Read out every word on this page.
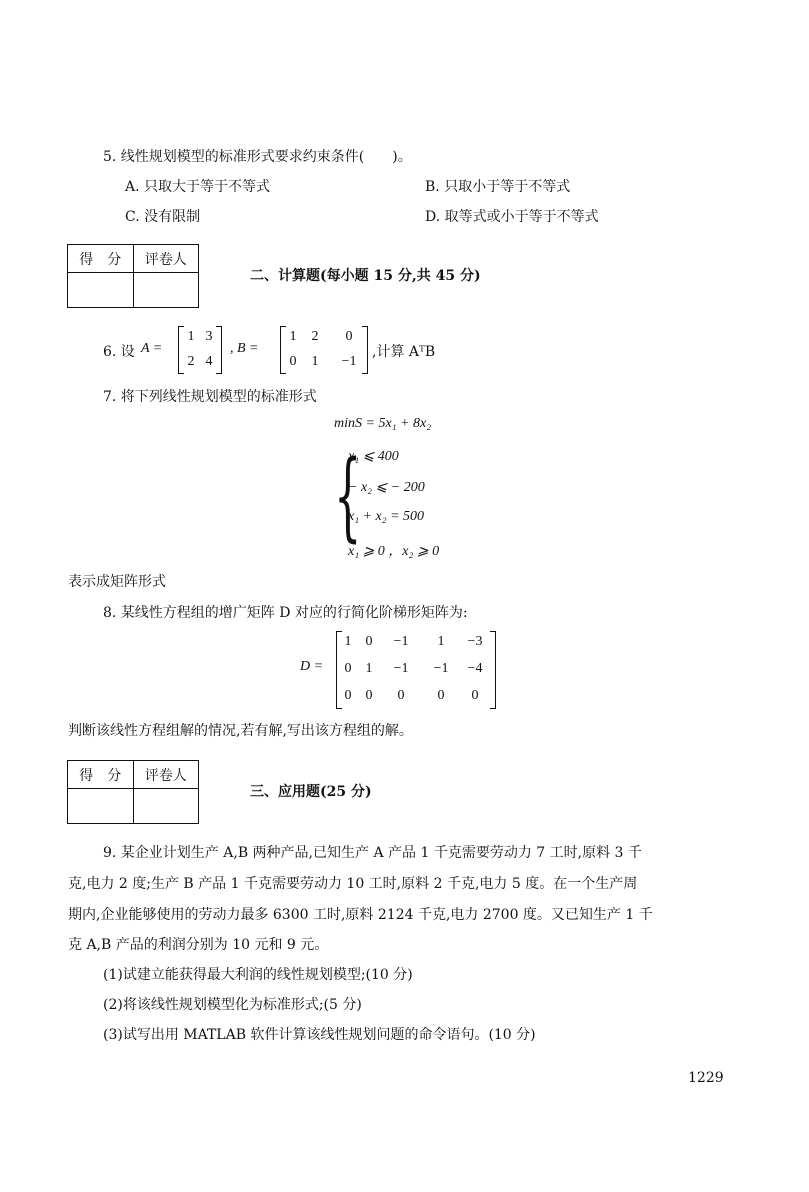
5. 线性规划模型的标准形式要求约束条件(　　)。
A. 只取大于等于不等式	B. 只取小于等于不等式
C. 没有限制	D. 取等式或小于等于不等式
得　分	评卷人

二、计算题(每小题 15 分,共 45 分)
6. 设 A =
1 3
2 4
, B =
1	2	0
0	1	−1
,计算 AᵀB
7. 将下列线性规划模型的标准形式
minS = 5x₁ + 8x₂
{
x₁ ⩽ 400
− x₂ ⩽ − 200
x₁ + x₂ = 500
x₁ ⩾ 0 ，x₂ ⩾ 0
表示成矩阵形式
8. 某线性方程组的增广矩阵 D 对应的行简化阶梯形矩阵为:
D =
1 0	−1	1	−3
0 1	−1	−1	−4
0 0	0	0	0
判断该线性方程组解的情况,若有解,写出该方程组的解。
得　分	评卷人

三、应用题(25 分)
9. 某企业计划生产 A,B 两种产品,已知生产 A 产品 1 千克需要劳动力 7 工时,原料 3 千
克,电力 2 度;生产 B 产品 1 千克需要劳动力 10 工时,原料 2 千克,电力 5 度。在一个生产周
期内,企业能够使用的劳动力最多 6300 工时,原料 2124 千克,电力 2700 度。又已知生产 1 千
克 A,B 产品的利润分别为 10 元和 9 元。
(1)试建立能获得最大利润的线性规划模型;(10 分)
(2)将该线性规划模型化为标准形式;(5 分)
(3)试写出用 MATLAB 软件计算该线性规划问题的命令语句。(10 分)
1229
